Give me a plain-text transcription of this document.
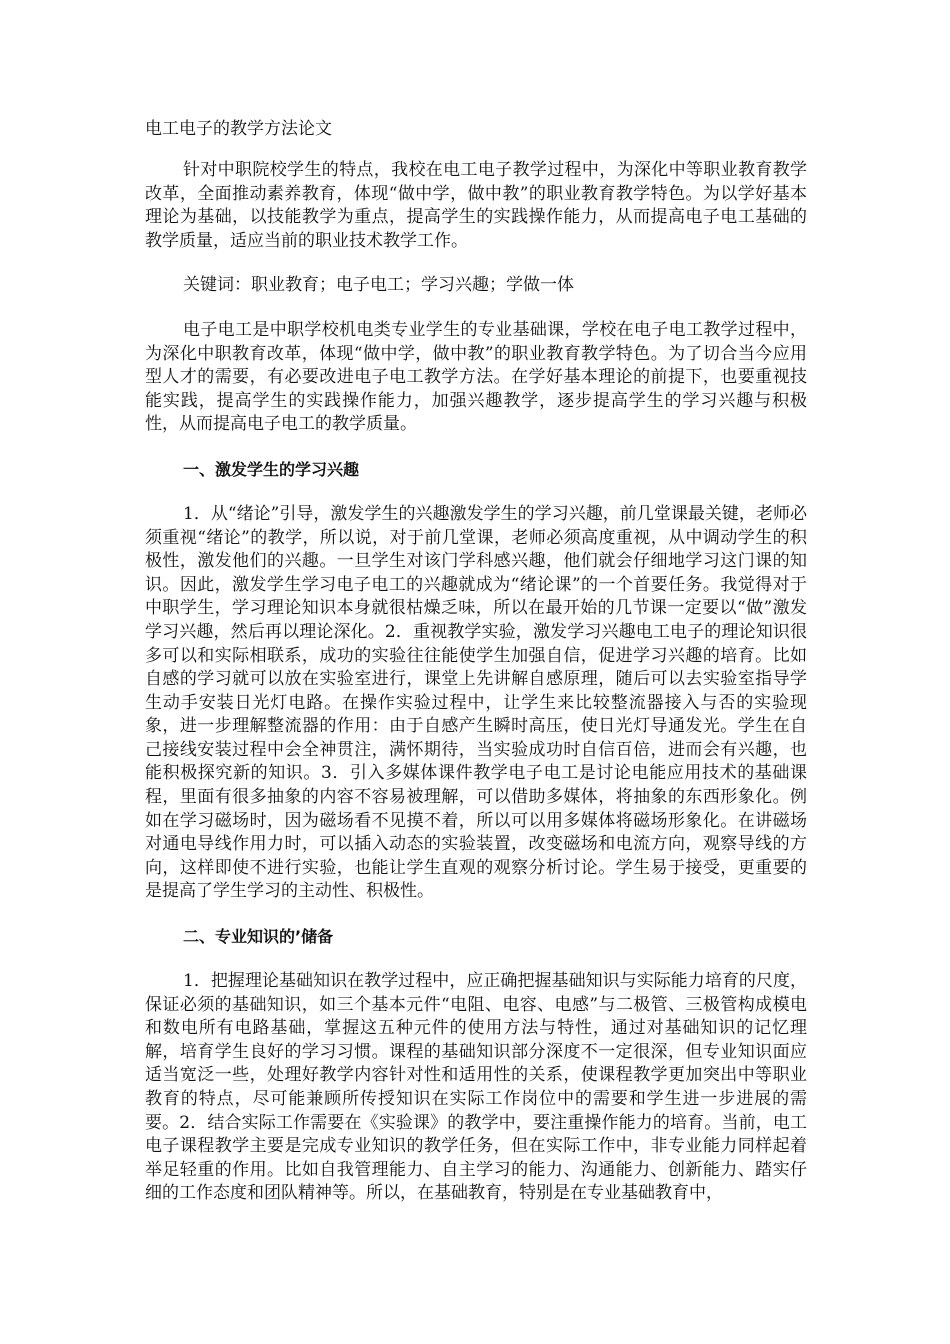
电工电子的教学方法论文

针对中职院校学生的特点，我校在电工电子教学过程中，为深化中等职业教育教学改革，全面推动素养教育，体现“做中学，做中教”的职业教育教学特色。为以学好基本理论为基础，以技能教学为重点，提高学生的实践操作能力，从而提高电子电工基础的教学质量，适应当前的职业技术教学工作。

关键词：职业教育；电子电工；学习兴趣；学做一体

电子电工是中职学校机电类专业学生的专业基础课，学校在电子电工教学过程中，为深化中职教育改革，体现“做中学，做中教”的职业教育教学特色。为了切合当今应用型人才的需要，有必要改进电子电工教学方法。在学好基本理论的前提下，也要重视技能实践，提高学生的实践操作能力，加强兴趣教学，逐步提高学生的学习兴趣与积极性，从而提高电子电工的教学质量。

一、激发学生的学习兴趣

1．从“绪论”引导，激发学生的兴趣激发学生的学习兴趣，前几堂课最关键，老师必须重视“绪论”的教学，所以说，对于前几堂课，老师必须高度重视，从中调动学生的积极性，激发他们的兴趣。一旦学生对该门学科感兴趣，他们就会仔细地学习这门课的知识。因此，激发学生学习电子电工的兴趣就成为“绪论课”的一个首要任务。我觉得对于中职学生，学习理论知识本身就很枯燥乏味，所以在最开始的几节课一定要以“做”激发学习兴趣，然后再以理论深化。2．重视教学实验，激发学习兴趣电工电子的理论知识很多可以和实际相联系，成功的实验往往能使学生加强自信，促进学习兴趣的培育。比如自感的学习就可以放在实验室进行，课堂上先讲解自感原理，随后可以去实验室指导学生动手安装日光灯电路。在操作实验过程中，让学生来比较整流器接入与否的实验现象，进一步理解整流器的作用：由于自感产生瞬时高压，使日光灯导通发光。学生在自己接线安装过程中会全神贯注，满怀期待，当实验成功时自信百倍，进而会有兴趣，也能积极探究新的知识。3．引入多媒体课件教学电子电工是讨论电能应用技术的基础课程，里面有很多抽象的内容不容易被理解，可以借助多媒体，将抽象的东西形象化。例如在学习磁场时，因为磁场看不见摸不着，所以可以用多媒体将磁场形象化。在讲磁场对通电导线作用力时，可以插入动态的实验装置，改变磁场和电流方向，观察导线的方向，这样即使不进行实验，也能让学生直观的观察分析讨论。学生易于接受，更重要的是提高了学生学习的主动性、积极性。

二、专业知识的’储备

1．把握理论基础知识在教学过程中，应正确把握基础知识与实际能力培育的尺度，保证必须的基础知识，如三个基本元件“电阻、电容、电感”与二极管、三极管构成模电和数电所有电路基础，掌握这五种元件的使用方法与特性，通过对基础知识的记忆理解，培育学生良好的学习习惯。课程的基础知识部分深度不一定很深，但专业知识面应适当宽泛一些，处理好教学内容针对性和适用性的关系，使课程教学更加突出中等职业教育的特点，尽可能兼顾所传授知识在实际工作岗位中的需要和学生进一步进展的需要。2．结合实际工作需要在《实验课》的教学中，要注重操作能力的培育。当前，电工电子课程教学主要是完成专业知识的教学任务，但在实际工作中，非专业能力同样起着举足轻重的作用。比如自我管理能力、自主学习的能力、沟通能力、创新能力、踏实仔细的工作态度和团队精神等。所以，在基础教育，特别是在专业基础教育中，
